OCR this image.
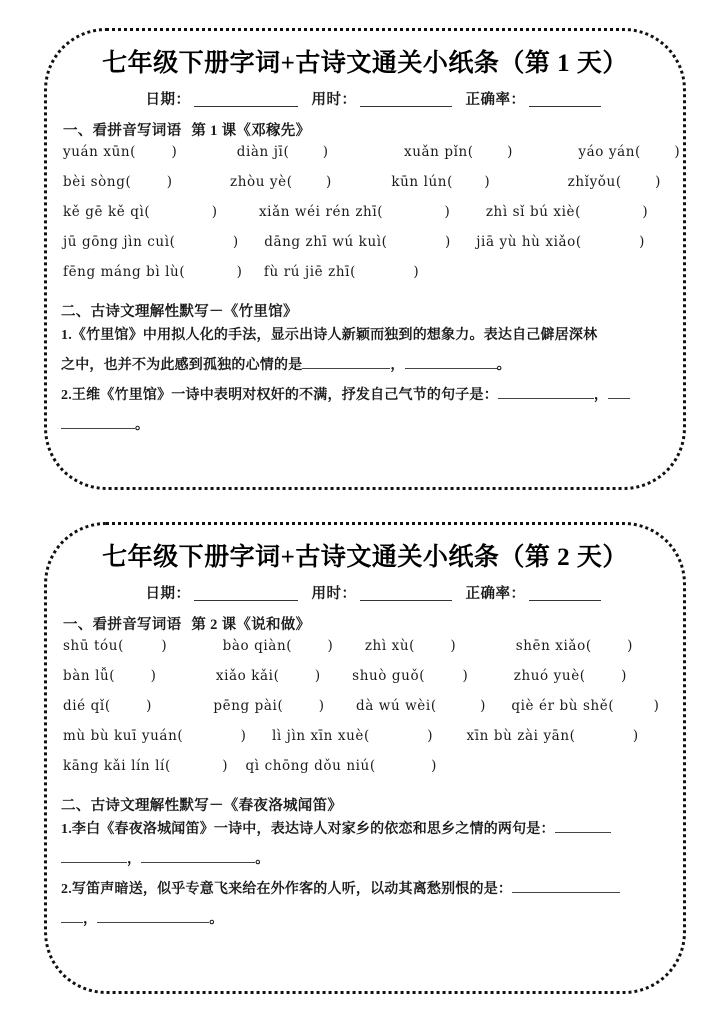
七年级下册字词+古诗文通关小纸条（第 1 天）
日期：	用时：	正确率：
一、看拼音写词语 第 1 课《邓稼先》
yuán xūn (	)	diàn jī (	)	xuǎn pǐn (	)	yáo yán (	)
bèi sòng (	)	zhòu yè (	)	kūn lún ( )	zhǐyǒu (	)
kě gē kě qì (	)	xiǎn wéi rén zhī (	)	zhì sǐ bú xiè (	)
jū gōng jìn cuì (	) dāng zhī wú kuì (	) jiā yù hù xiǎo (	)
fēng máng bì lù (	) fù rú jiē zhī (	)
二、古诗文理解性默写－《竹里馆》
1.《竹里馆》中用拟人化的手法，显示出诗人新颖而独到的想象力。表达自己僻居深林
之中，也并不为此感到孤独的心情的是	，	。
2.王维《竹里馆》一诗中表明对权奸的不满，抒发自己气节的句子是：	，
。
七年级下册字词+古诗文通关小纸条（第 2 天）
日期：	用时：	正确率：
一、看拼音写词语 第 2 课《说和做》
shū tóu (	)	bào qiàn (	) zhì xù (	)	shēn xiǎo (	)
bàn lǚ (	)	xiǎo kǎi (	) shuò guǒ (	)	zhuó yuè (	)
dié qǐ (	)	pēng pài (	) dà wú wèi (	) qiè ér bù shě (	)
mù bù kuī yuán (	) lì jìn xīn xuè (	)	xīn bù zài yān (	)
kāng kǎi lín lí (	) qì chōng dǒu niú (	)
二、古诗文理解性默写－《春夜洛城闻笛》
1.李白《春夜洛城闻笛》一诗中，表达诗人对家乡的依恋和思乡之情的两句是：
，	。
2.写笛声暗送，似乎专意飞来给在外作客的人听，以动其离愁别恨的是：
，	。
